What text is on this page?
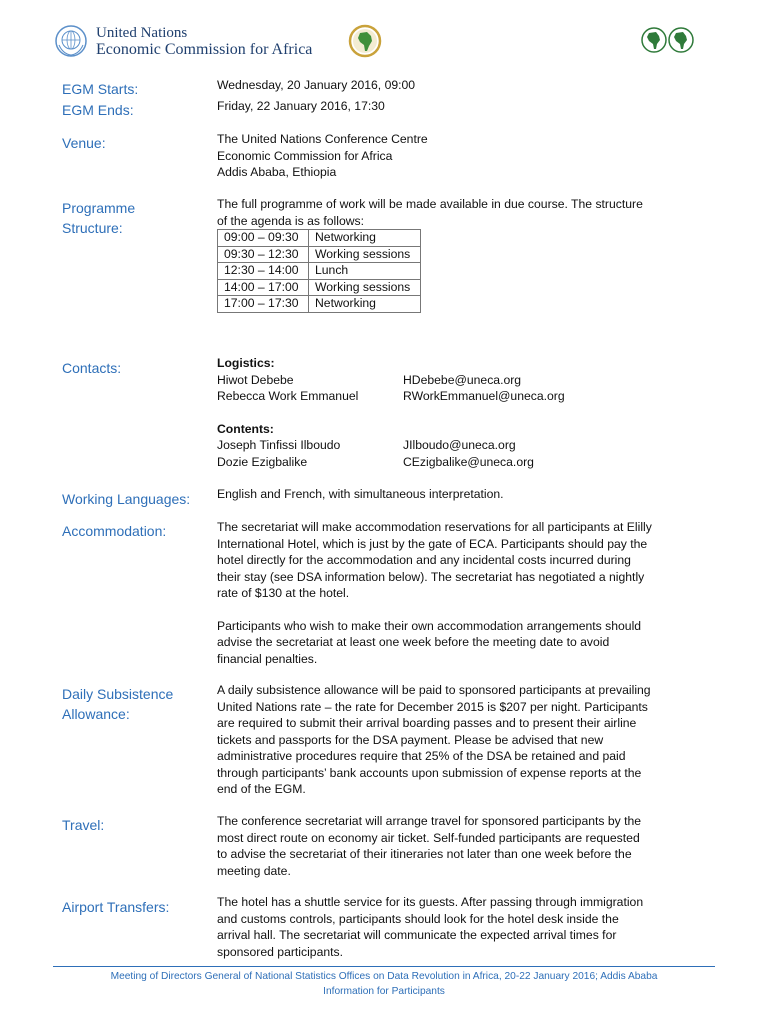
United Nations
Economic Commission for Africa
EGM Starts:	Wednesday, 20 January 2016, 09:00
EGM Ends:	Friday, 22 January 2016, 17:30
Venue:	The United Nations Conference Centre

Economic Commission for Africa

Addis Ababa, Ethiopia

Programme
Structure:

The full programme of work will be made available in due course. The structure

of the agenda is as follows:

09:00 – 09:30	Networking
09:30 – 12:30	Working sessions
12:30 – 14:00	Lunch
14:00 – 17:00	Working sessions
17:00 – 17:30	Networking
Contacts:	Logistics:

Hiwot Debebe	HDebebe@uneca.org
Rebecca Work Emmanuel	RWorkEmmanuel@uneca.org

Contents:

Joseph Tinfissi Ilboudo	JIlboudo@uneca.org
Dozie Ezigbalike	CEzigbalike@uneca.org
Working Languages: English and French, with simultaneous interpretation.
Accommodation:	The secretariat will make accommodation reservations for all participants at Elilly

International Hotel, which is just by the gate of ECA. Participants should pay the

hotel directly for the accommodation and any incidental costs incurred during

their stay (see DSA information below). The secretariat has negotiated a nightly

rate of $130 at the hotel.

Participants who wish to make their own accommodation arrangements should

advise the secretariat at least one week before the meeting date to avoid

financial penalties.

Daily Subsistence
Allowance:

A daily subsistence allowance will be paid to sponsored participants at prevailing

United Nations rate – the rate for December 2015 is $207 per night. Participants

are required to submit their arrival boarding passes and to present their airline

tickets and passports for the DSA payment. Please be advised that new

administrative procedures require that 25% of the DSA be retained and paid

through participants’ bank accounts upon submission of expense reports at the

end of the EGM.

Travel:	The conference secretariat will arrange travel for sponsored participants by the

most direct route on economy air ticket. Self-funded participants are requested

to advise the secretariat of their itineraries not later than one week before the

meeting date.

Airport Transfers:	The hotel has a shuttle service for its guests. After passing through immigration

and customs controls, participants should look for the hotel desk inside the

arrival hall. The secretariat will communicate the expected arrival times for

sponsored participants.

Meeting of Directors General of National Statistics Offices on Data Revolution in Africa, 20-22 January 2016; Addis Ababa
Information for Participants
